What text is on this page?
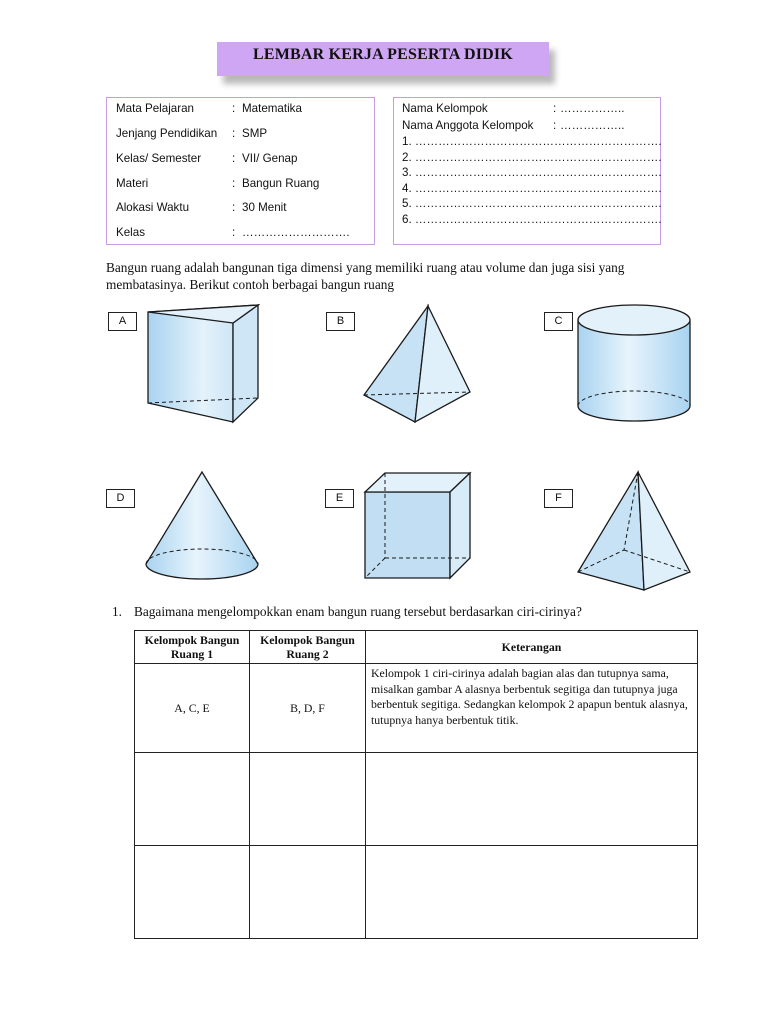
LEMBAR KERJA PESERTA DIDIK
Mata Pelajaran	: Matematika
Jenjang Pendidikan : SMP
Kelas/ Semester	: VII/ Genap
Materi	: Bangun Ruang
Alokasi Waktu	: 30 Menit
Kelas	: ……………………….
Nama Kelompok	: ……………..
Nama Anggota Kelompok : ……………..
1. ……………………………………………………….
2. ……………………………………………………….
3. ……………………………………………………….
4. ……………………………………………………….
5. ……………………………………………………….
6. ……………………………………………………….
Bangun ruang adalah bangunan tiga dimensi yang memiliki ruang atau volume dan juga sisi yang membatasinya. Berikut contoh berbagai bangun ruang
A	B	C
D	E	F
1. Bagaimana mengelompokkan enam bangun ruang tersebut berdasarkan ciri-cirinya?
Kelompok Bangun Ruang 1	Kelompok Bangun Ruang 2	Keterangan
A, C, E	B, D, F	Kelompok 1 ciri-cirinya adalah bagian alas dan tutupnya sama, misalkan gambar A alasnya berbentuk segitiga dan tutupnya juga berbentuk segitiga. Sedangkan kelompok 2 apapun bentuk alasnya, tutupnya hanya berbentuk titik.
